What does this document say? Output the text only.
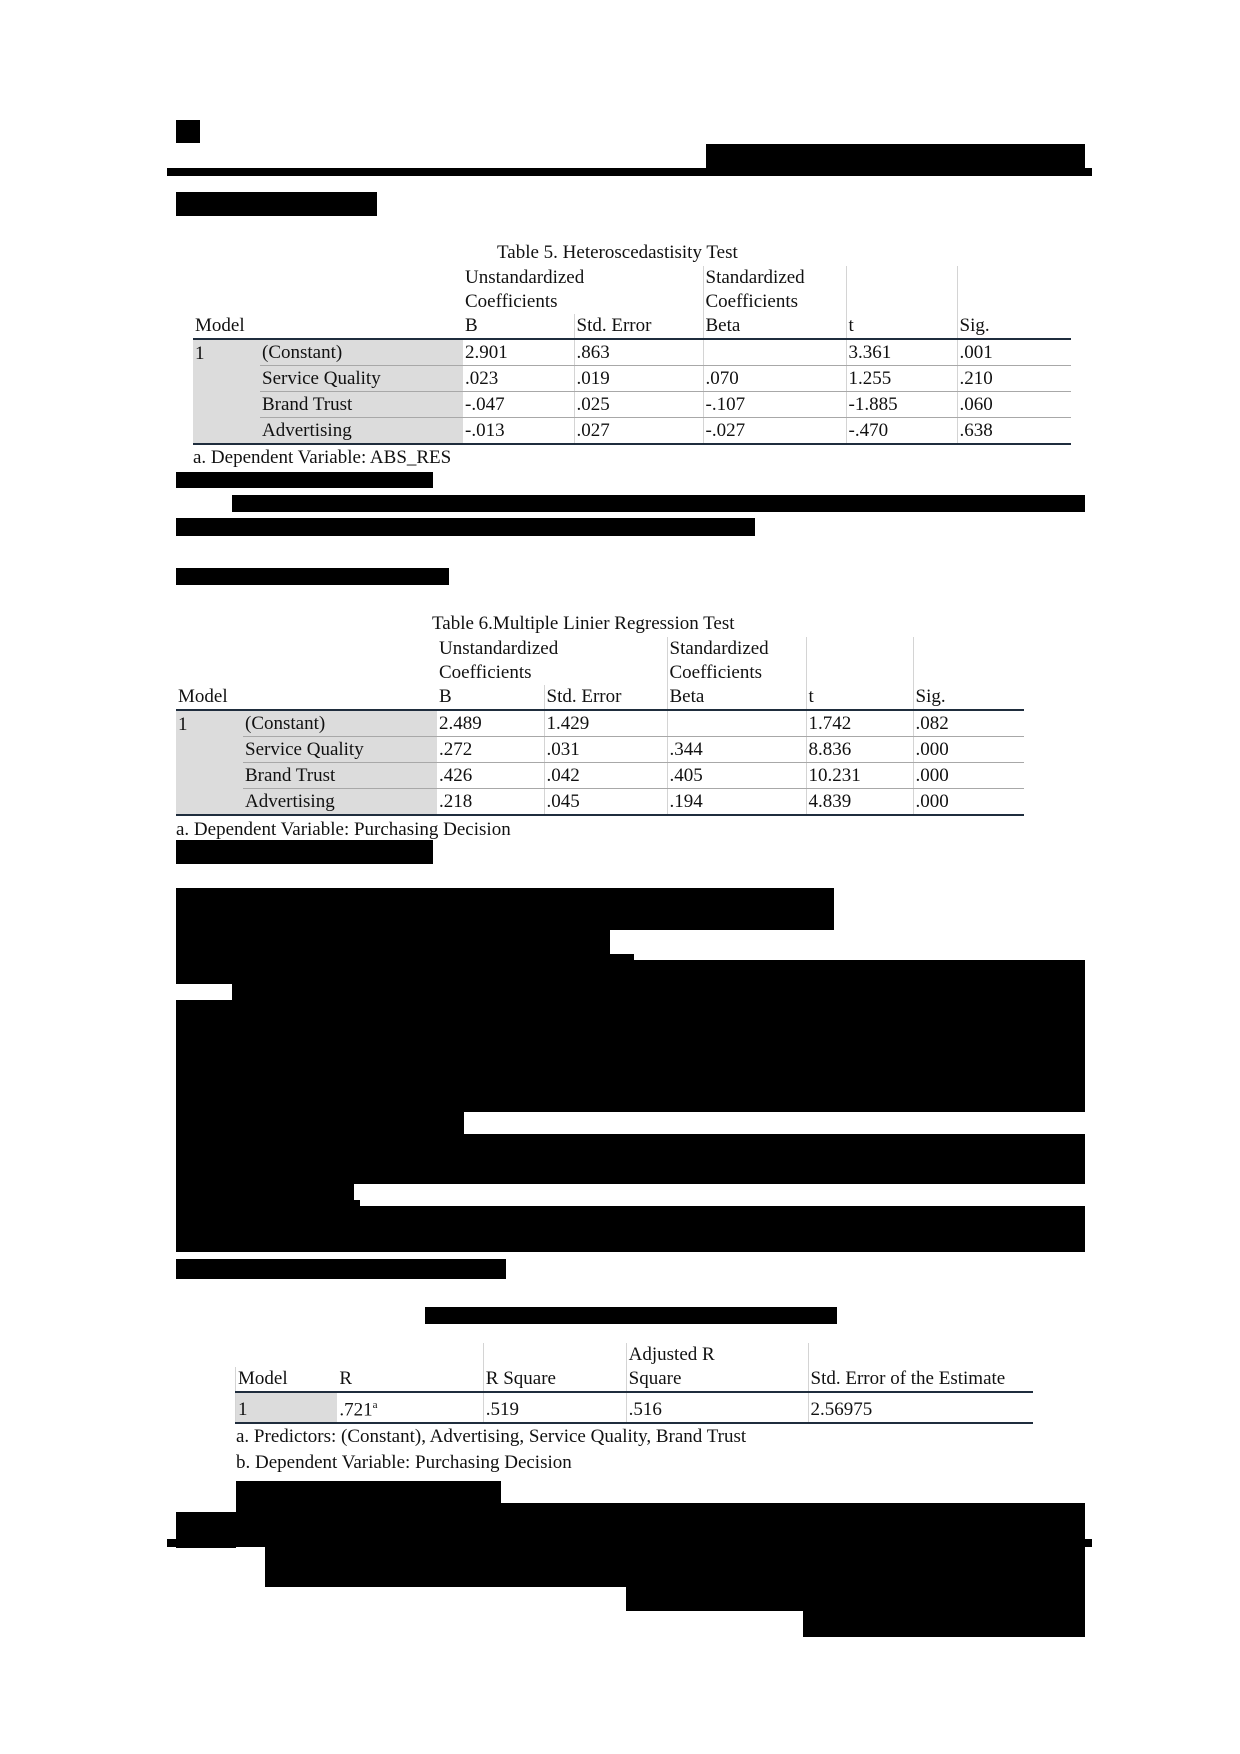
Table 5. Heteroscedastisity Test
		Unstandardized		Standardized		
		Coefficients		Coefficients		
Model		B	Std. Error	Beta	t	Sig.
1	(Constant)	2.901	.863		3.361	.001
	Service Quality	.023	.019	.070	1.255	.210
	Brand Trust	-.047	.025	-.107	-1.885	.060
	Advertising	-.013	.027	-.027	-.470	.638
a. Dependent Variable: ABS_RES
Table 6.Multiple Linier Regression Test
		Unstandardized		Standardized		
		Coefficients		Coefficients		
Model		B	Std. Error	Beta	t	Sig.
1	(Constant)	2.489	1.429		1.742	.082
	Service Quality	.272	.031	.344	8.836	.000
	Brand Trust	.426	.042	.405	10.231	.000
	Advertising	.218	.045	.194	4.839	.000
a. Dependent Variable: Purchasing Decision
			Adjusted R	
Model	R	R Square	Square	Std. Error of the Estimate
1	.721$^a$	.519	.516	2.56975
a. Predictors: (Constant), Advertising, Service Quality, Brand Trust
b. Dependent Variable: Purchasing Decision
